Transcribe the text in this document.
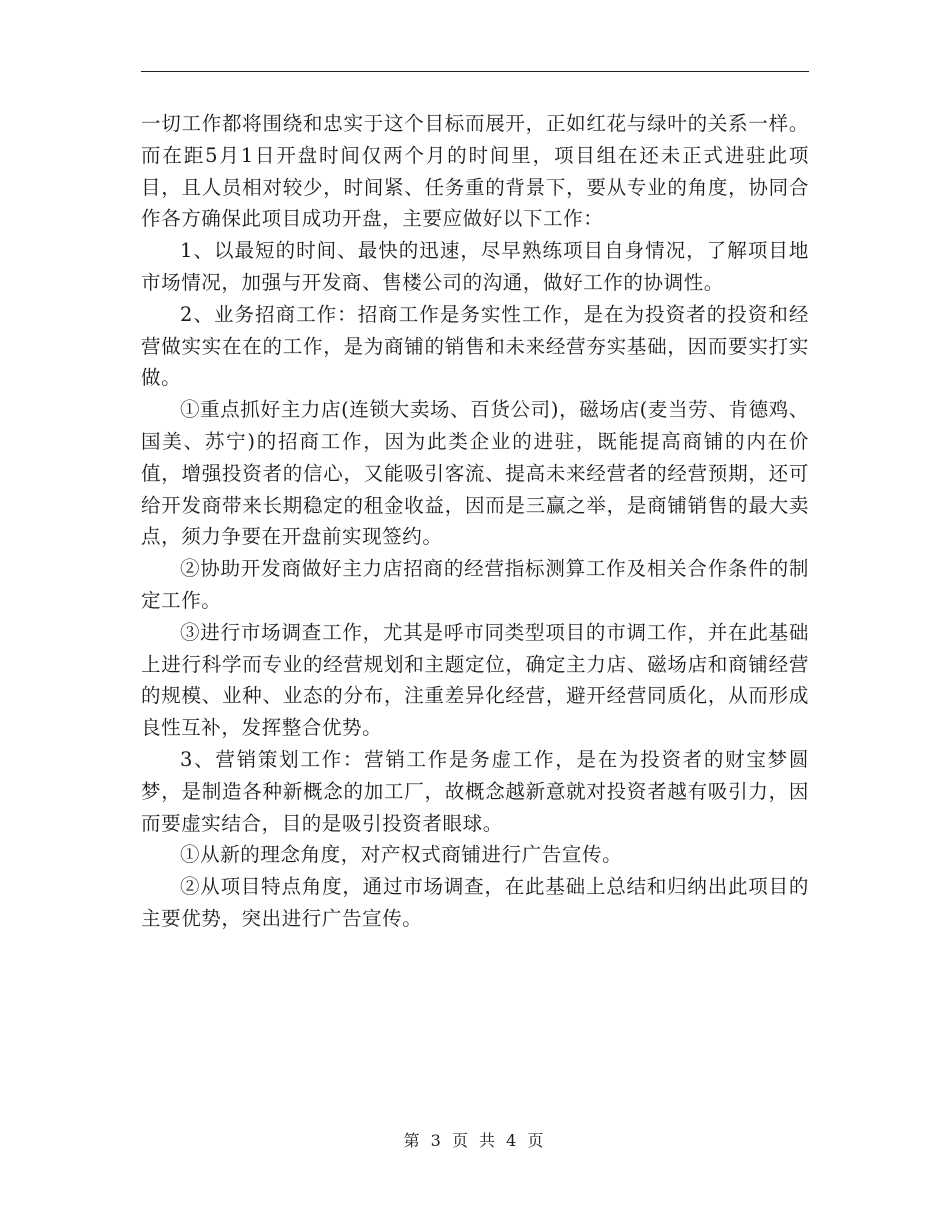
一切工作都将围绕和忠实于这个目标而展开，正如红花与绿叶的关系一样。而在距5月1日开盘时间仅两个月的时间里，项目组在还未正式进驻此项目，且人员相对较少，时间紧、任务重的背景下，要从专业的角度，协同合作各方确保此项目成功开盘，主要应做好以下工作：

1、以最短的时间、最快的迅速，尽早熟练项目自身情况，了解项目地市场情况，加强与开发商、售楼公司的沟通，做好工作的协调性。

2、业务招商工作：招商工作是务实性工作，是在为投资者的投资和经营做实实在在的工作，是为商铺的销售和未来经营夯实基础，因而要实打实做。

①重点抓好主力店(连锁大卖场、百货公司)，磁场店(麦当劳、肯德鸡、国美、苏宁)的招商工作，因为此类企业的进驻，既能提高商铺的内在价值，增强投资者的信心，又能吸引客流、提高未来经营者的经营预期，还可给开发商带来长期稳定的租金收益，因而是三赢之举，是商铺销售的最大卖点，须力争要在开盘前实现签约。

②协助开发商做好主力店招商的经营指标测算工作及相关合作条件的制定工作。

③进行市场调查工作，尤其是呼市同类型项目的市调工作，并在此基础上进行科学而专业的经营规划和主题定位，确定主力店、磁场店和商铺经营的规模、业种、业态的分布，注重差异化经营，避开经营同质化，从而形成良性互补，发挥整合优势。

3、营销策划工作：营销工作是务虚工作，是在为投资者的财宝梦圆梦，是制造各种新概念的加工厂，故概念越新意就对投资者越有吸引力，因而要虚实结合，目的是吸引投资者眼球。

①从新的理念角度，对产权式商铺进行广告宣传。

②从项目特点角度，通过市场调查，在此基础上总结和归纳出此项目的主要优势，突出进行广告宣传。

第 3 页 共 4 页
